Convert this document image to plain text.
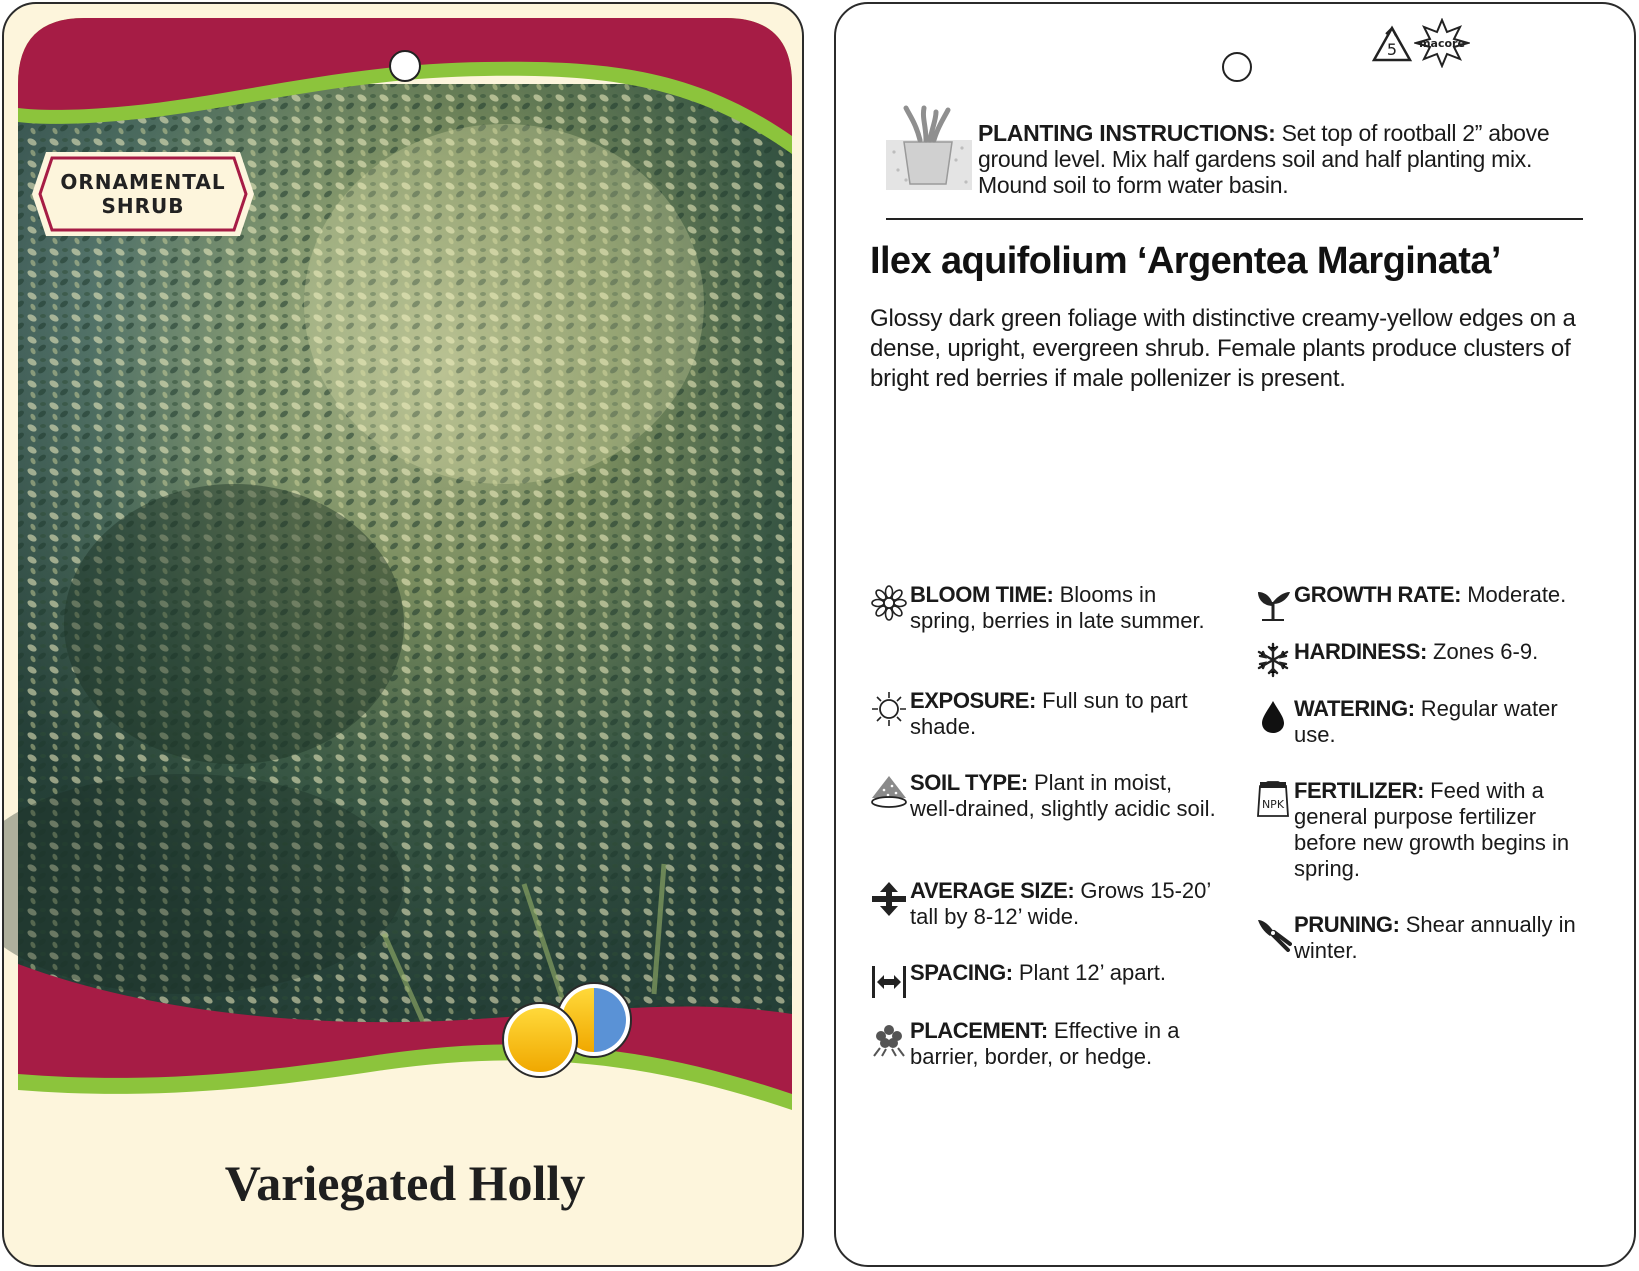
ORNAMENTAL
SHRUB
Variegated Holly
5 macore
PLANTING INSTRUCTIONS: Set top of rootball 2” above ground level. Mix half gardens soil and half planting mix. Mound soil to form water basin.
Ilex aquifolium ‘Argentea Marginata’
Glossy dark green foliage with distinctive creamy-yellow edges on a dense, upright, evergreen shrub. Female plants produce clusters of bright red berries if male pollenizer is present.
BLOOM TIME: Blooms in spring, berries in late summer.
EXPOSURE: Full sun to part shade.
SOIL TYPE: Plant in moist, well-drained, slightly acidic soil.
AVERAGE SIZE: Grows 15-20’ tall by 8-12’ wide.
SPACING: Plant 12’ apart.
PLACEMENT: Effective in a barrier, border, or hedge.
GROWTH RATE: Moderate.
HARDINESS: Zones 6-9.
WATERING: Regular water use.
NPK
FERTILIZER: Feed with a general purpose fertilizer before new growth begins in spring.
PRUNING: Shear annually in winter.
